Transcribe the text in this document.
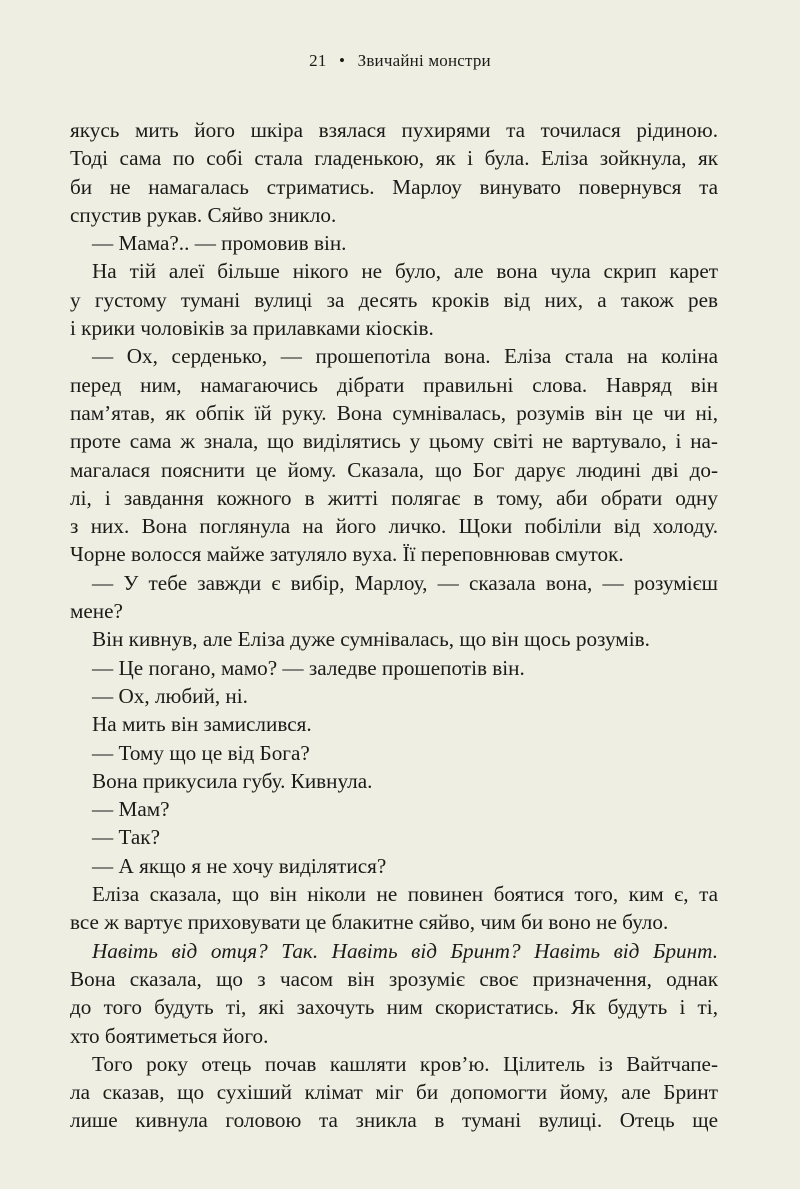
21 • Звичайні монстри

якусь мить його шкіра взялася пухирями та точилася рідиною.

Тоді сама по собі стала гладенькою, як і була. Еліза зойкнула, як

би не намагалась стриматись. Марлоу винувато повернувся та

спустив рукав. Сяйво зникло.

— Мама?.. — промовив він.

На тій алеї більше нікого не було, але вона чула скрип карет

у густому тумані вулиці за десять кроків від них, а також рев

і крики чоловіків за прилавками кіосків.

— Ох, серденько, — прошепотіла вона. Еліза стала на коліна

перед ним, намагаючись дібрати правильні слова. Навряд він

пам’ятав, як обпік їй руку. Вона сумнівалась, розумів він це чи ні,

проте сама ж знала, що виділятись у цьому світі не вартувало, і на-

магалася пояснити це йому. Сказала, що Бог дарує людині дві до-

лі, і завдання кожного в житті полягає в тому, аби обрати одну

з них. Вона поглянула на його личко. Щоки побіліли від холоду.

Чорне волосся майже затуляло вуха. Її переповнював смуток.

— У тебе завжди є вибір, Марлоу, — сказала вона, — розумієш

мене?

Він кивнув, але Еліза дуже сумнівалась, що він щось розумів.

— Це погано, мамо? — заледве прошепотів він.

— Ох, любий, ні.

На мить він замислився.

— Тому що це від Бога?

Вона прикусила губу. Кивнула.

— Мам?

— Так?

— А якщо я не хочу виділятися?

Еліза сказала, що він ніколи не повинен боятися того, ким є, та

все ж вартує приховувати це блакитне сяйво, чим би воно не було.

Навіть від отця? Так. Навіть від Бринт? Навіть від Бринт.

Вона сказала, що з часом він зрозуміє своє призначення, однак

до того будуть ті, які захочуть ним скористатись. Як будуть і ті,

хто боятиметься його.

Того року отець почав кашляти кров’ю. Цілитель із Вайтчапе-

ла сказав, що сухіший клімат міг би допомогти йому, але Бринт

лише кивнула головою та зникла в тумані вулиці. Отець ще
